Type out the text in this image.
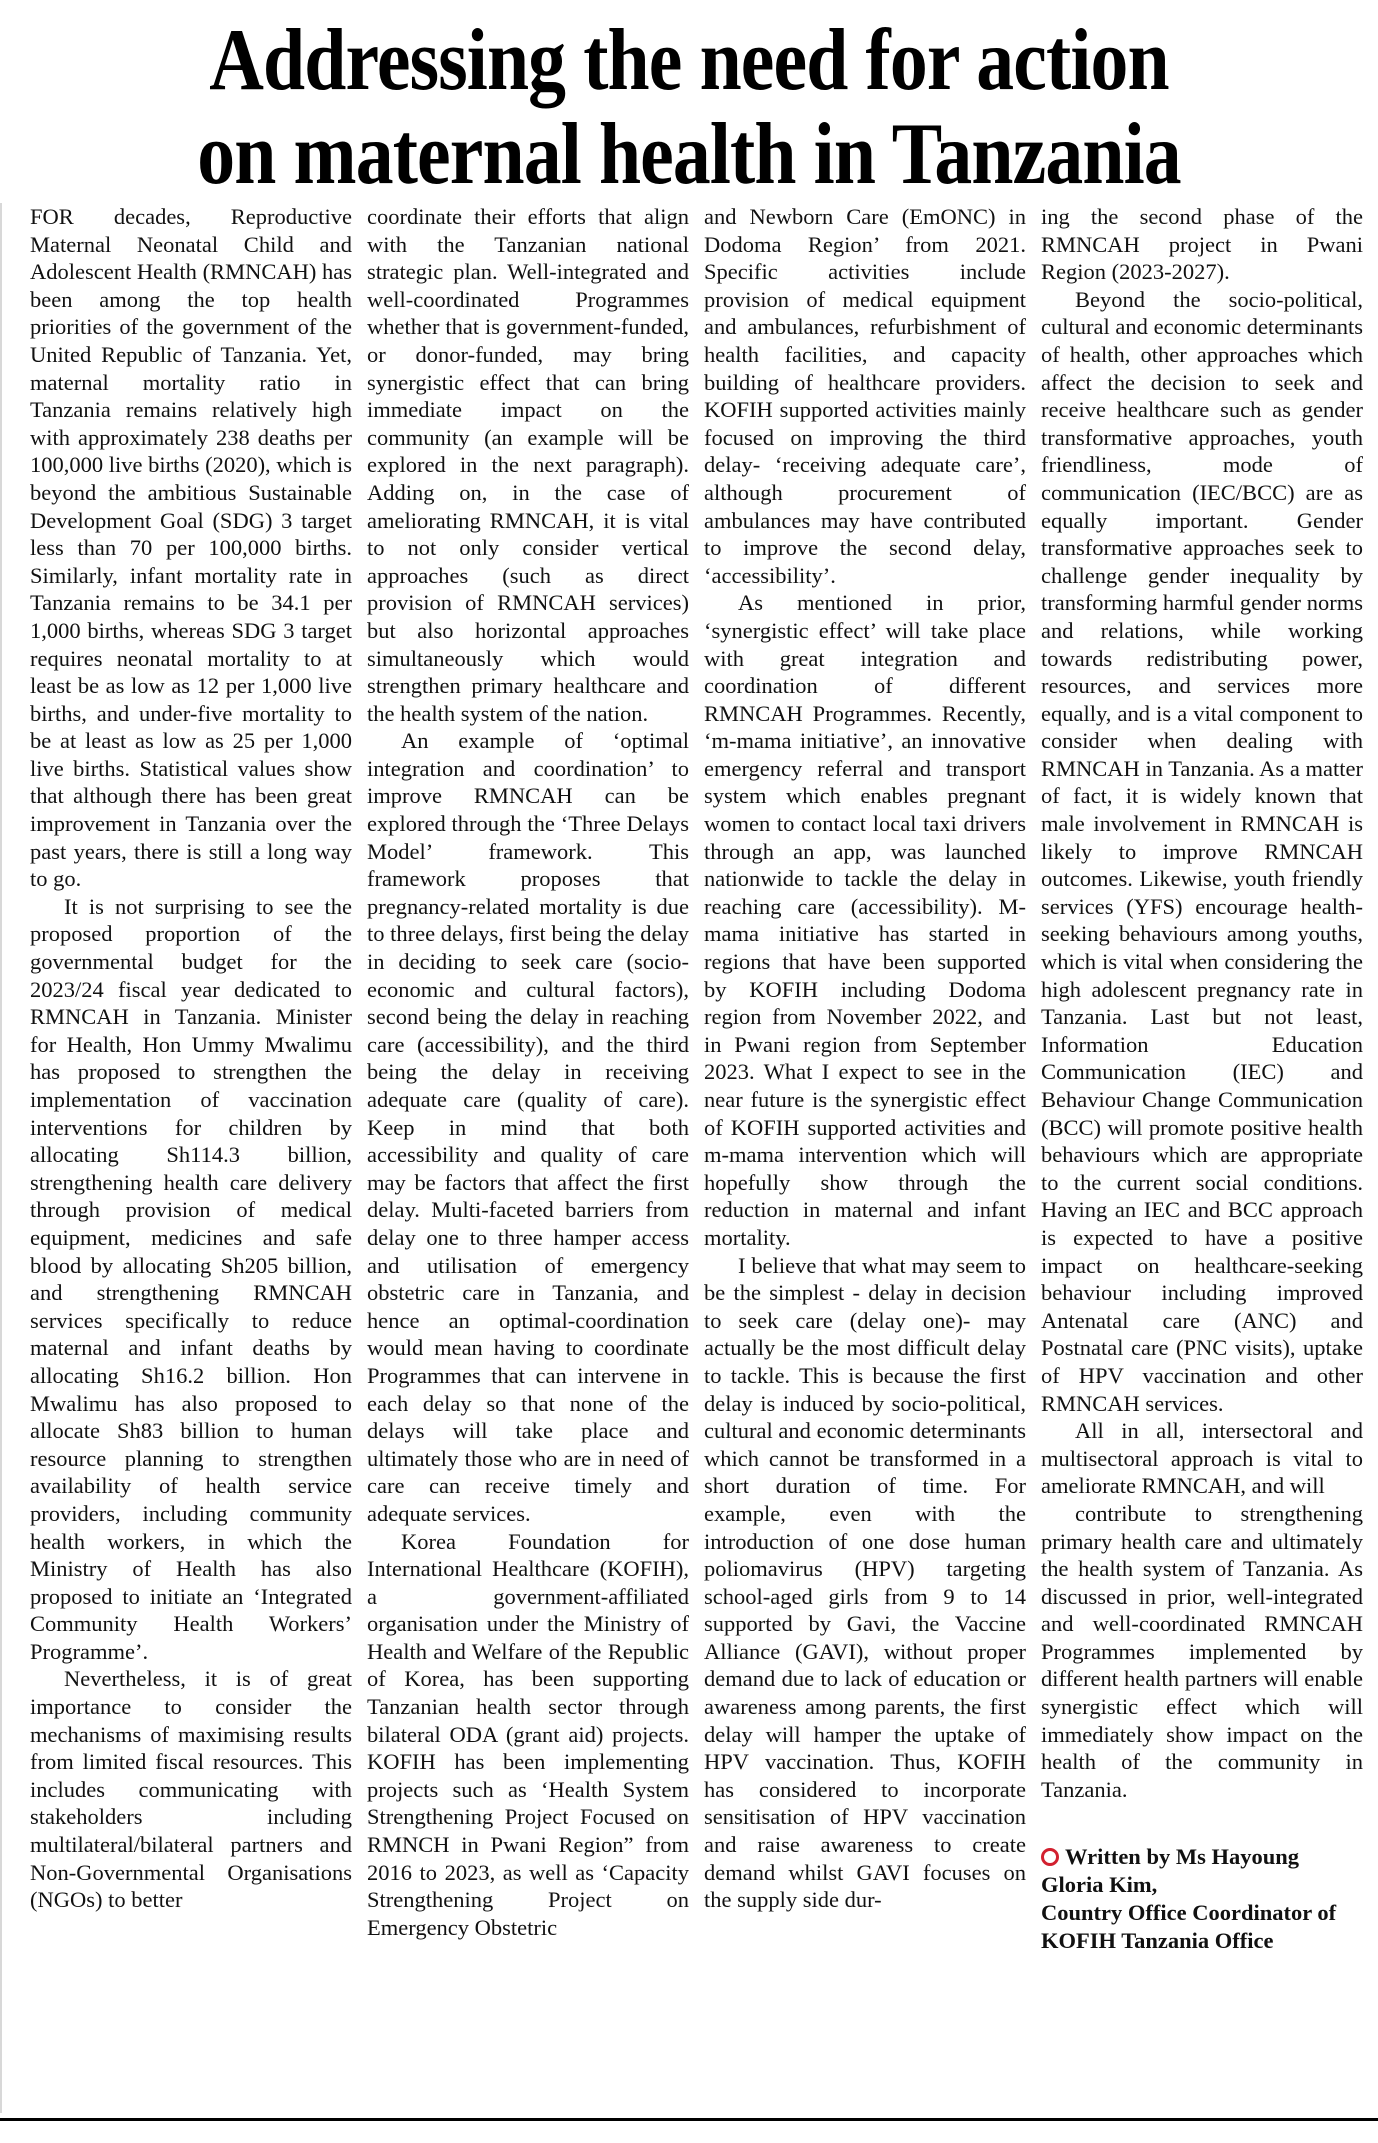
Addressing the need for action
on maternal health in Tanzania

FOR decades, Reproductive Maternal Neonatal Child and Adolescent Health (RMNCAH) has been among the top health priorities of the government of the United Republic of Tanzania. Yet, maternal mortality ratio in Tanzania remains relatively high with approximately 238 deaths per 100,000 live births (2020), which is beyond the ambitious Sustainable Development Goal (SDG) 3 target less than 70 per 100,000 births. Similarly, infant mortality rate in Tanzania remains to be 34.1 per 1,000 births, whereas SDG 3 target requires neonatal mortality to at least be as low as 12 per 1,000 live births, and under-five mortality to be at least as low as 25 per 1,000 live births. Statistical values show that although there has been great improvement in Tanzania over the past years, there is still a long way to go.

It is not surprising to see the proposed proportion of the governmental budget for the 2023/24 fiscal year dedicated to RMNCAH in Tanzania. Minister for Health, Hon Ummy Mwalimu has proposed to strengthen the implementation of vaccination interventions for children by allocating Sh114.3 billion, strengthening health care delivery through provision of medical equipment, medicines and safe blood by allocating Sh205 billion, and strengthening RMNCAH services specifically to reduce maternal and infant deaths by allocating Sh16.2 billion. Hon Mwalimu has also proposed to allocate Sh83 billion to human resource planning to strengthen availability of health service providers, including community health workers, in which the Ministry of Health has also proposed to initiate an ‘Integrated Community Health Workers’ Programme’.

Nevertheless, it is of great importance to consider the mechanisms of maximising results from limited fiscal resources. This includes communicating with stakeholders including multilateral/bilateral partners and Non-Governmental Organisations (NGOs) to better

coordinate their efforts that align with the Tanzanian national strategic plan. Well-integrated and well-coordinated Programmes whether that is government-funded, or donor-funded, may bring synergistic effect that can bring immediate impact on the community (an example will be explored in the next paragraph). Adding on, in the case of ameliorating RMNCAH, it is vital to not only consider vertical approaches (such as direct provision of RMNCAH services) but also horizontal approaches simultaneously which would strengthen primary healthcare and the health system of the nation.

An example of ‘optimal integration and coordination’ to improve RMNCAH can be explored through the ‘Three Delays Model’ framework. This framework proposes that pregnancy-related mortality is due to three delays, first being the delay in deciding to seek care (socio-economic and cultural factors), second being the delay in reaching care (accessibility), and the third being the delay in receiving adequate care (quality of care). Keep in mind that both accessibility and quality of care may be factors that affect the first delay. Multi-faceted barriers from delay one to three hamper access and utilisation of emergency obstetric care in Tanzania, and hence an optimal-coordination would mean having to coordinate Programmes that can intervene in each delay so that none of the delays will take place and ultimately those who are in need of care can receive timely and adequate services.

Korea Foundation for International Healthcare (KOFIH), a government-affiliated organisation under the Ministry of Health and Welfare of the Republic of Korea, has been supporting Tanzanian health sector through bilateral ODA (grant aid) projects. KOFIH has been implementing projects such as ‘Health System Strengthening Project Focused on RMNCH in Pwani Region” from 2016 to 2023, as well as ‘Capacity Strengthening Project on Emergency Obstetric

and Newborn Care (EmONC) in Dodoma Region’ from 2021. Specific activities include provision of medical equipment and ambulances, refurbishment of health facilities, and capacity building of healthcare providers. KOFIH supported activities mainly focused on improving the third delay- ‘receiving adequate care’, although procurement of ambulances may have contributed to improve the second delay, ‘accessibility’.

As mentioned in prior, ‘synergistic effect’ will take place with great integration and coordination of different RMNCAH Programmes. Recently, ‘m-mama initiative’, an innovative emergency referral and transport system which enables pregnant women to contact local taxi drivers through an app, was launched nationwide to tackle the delay in reaching care (accessibility). M-mama initiative has started in regions that have been supported by KOFIH including Dodoma region from November 2022, and in Pwani region from September 2023. What I expect to see in the near future is the synergistic effect of KOFIH supported activities and m-mama intervention which will hopefully show through the reduction in maternal and infant mortality.

I believe that what may seem to be the simplest - delay in decision to seek care (delay one)- may actually be the most difficult delay to tackle. This is because the first delay is induced by socio-political, cultural and economic determinants which cannot be transformed in a short duration of time. For example, even with the introduction of one dose human poliomavirus (HPV) targeting school-aged girls from 9 to 14 supported by Gavi, the Vaccine Alliance (GAVI), without proper demand due to lack of education or awareness among parents, the first delay will hamper the uptake of HPV vaccination. Thus, KOFIH has considered to incorporate sensitisation of HPV vaccination and raise awareness to create demand whilst GAVI focuses on the supply side dur-

ing the second phase of the RMNCAH project in Pwani Region (2023-2027).

Beyond the socio-political, cultural and economic determinants of health, other approaches which affect the decision to seek and receive healthcare such as gender transformative approaches, youth friendliness, mode of communication (IEC/BCC) are as equally important. Gender transformative approaches seek to challenge gender inequality by transforming harmful gender norms and relations, while working towards redistributing power, resources, and services more equally, and is a vital component to consider when dealing with RMNCAH in Tanzania. As a matter of fact, it is widely known that male involvement in RMNCAH is likely to improve RMNCAH outcomes. Likewise, youth friendly services (YFS) encourage health-seeking behaviours among youths, which is vital when considering the high adolescent pregnancy rate in Tanzania. Last but not least, Information Education Communication (IEC) and Behaviour Change Communication (BCC) will promote positive health behaviours which are appropriate to the current social conditions. Having an IEC and BCC approach is expected to have a positive impact on healthcare-seeking behaviour including improved Antenatal care (ANC) and Postnatal care (PNC visits), uptake of HPV vaccination and other RMNCAH services.

All in all, intersectoral and multisectoral approach is vital to ameliorate RMNCAH, and will

contribute to strengthening primary health care and ultimately the health system of Tanzania. As discussed in prior, well-integrated and well-coordinated RMNCAH Programmes implemented by different health partners will enable synergistic effect which will immediately show impact on the health of the community in Tanzania.

Written by Ms Hayoung Gloria Kim,
Country Office Coordinator of KOFIH Tanzania Office
